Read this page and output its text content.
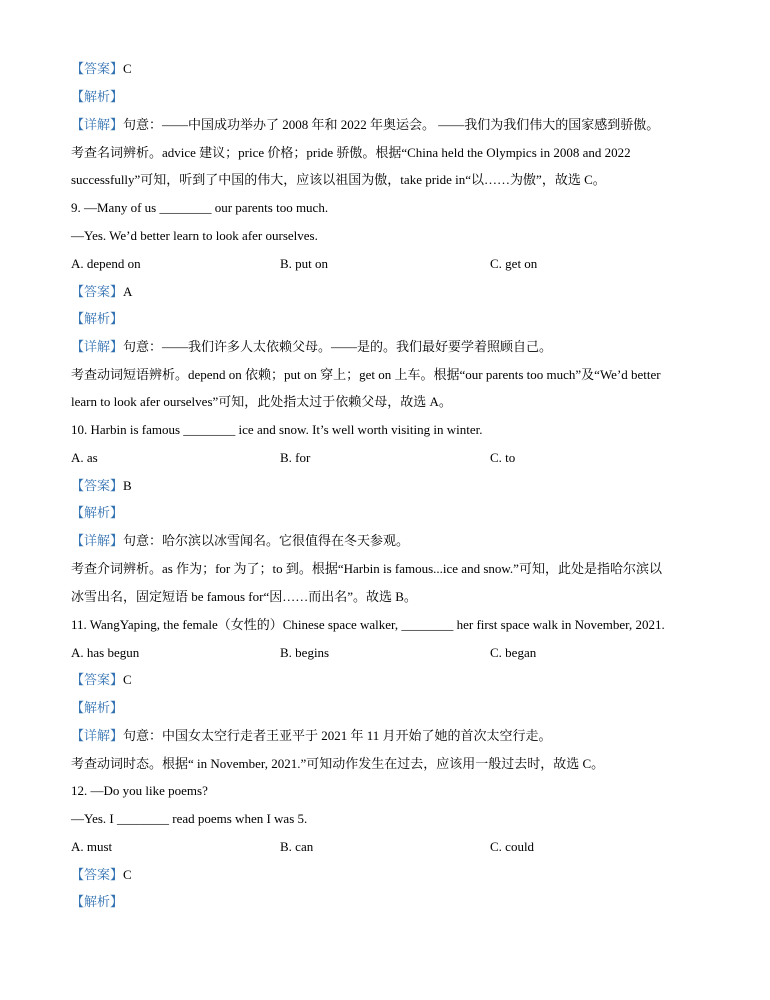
【答案】C
【解析】
【详解】句意：——中国成功举办了 2008 年和 2022 年奥运会。 ——我们为我们伟大的国家感到骄傲。
考查名词辨析。advice 建议；price 价格；pride 骄傲。根据“China held the Olympics in 2008 and 2022
successfully”可知，听到了中国的伟大，应该以祖国为傲，take pride in“以……为傲”，故选 C。
9. —Many of us ________ our parents too much.
—Yes. We’d better learn to look afer ourselves.
A. depend on	B. put on	C. get on
【答案】A
【解析】
【详解】句意：——我们许多人太依赖父母。——是的。我们最好要学着照顾自己。
考查动词短语辨析。depend on 依赖；put on 穿上；get on 上车。根据“our parents too much”及“We’d better
learn to look afer ourselves”可知，此处指太过于依赖父母，故选 A。
10. Harbin is famous ________ ice and snow. It’s well worth visiting in winter.
A. as	B. for	C. to
【答案】B
【解析】
【详解】句意：哈尔滨以冰雪闻名。它很值得在冬天参观。
考查介词辨析。as 作为；for 为了；to 到。根据“Harbin is famous...ice and snow.”可知，此处是指哈尔滨以
冰雪出名，固定短语 be famous for“因……而出名”。故选 B。
11. WangYaping, the female（女性的）Chinese space walker, ________ her first space walk in November, 2021.
A. has begun	B. begins	C. began
【答案】C
【解析】
【详解】句意：中国女太空行走者王亚平于 2021 年 11 月开始了她的首次太空行走。
考查动词时态。根据“ in November, 2021.”可知动作发生在过去，应该用一般过去时，故选 C。
12. —Do you like poems?
—Yes. I ________ read poems when I was 5.
A. must	B. can	C. could
【答案】C
【解析】
